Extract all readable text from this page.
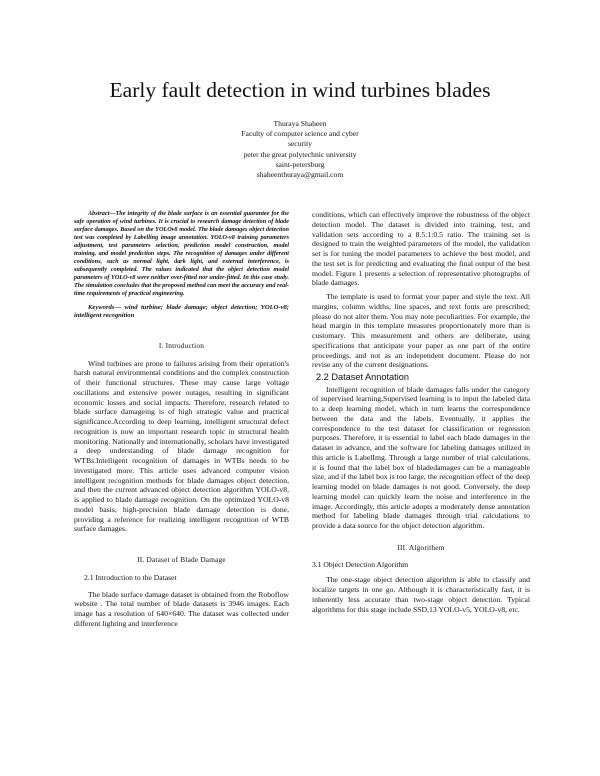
Early fault detection in wind turbines blades
Thuraya Shaheen
Faculty of computer science and cyber
security
peter the great polytechnic university
saint-petersburg
shaheenthuraya@gmail.com

Abstract—The integrity of the blade surface is an essential guarantee for the safe operation of wind turbines. It is crucial to research damage detection of blade surface damages. Based on the YOLOv8 model. The blade damages object detection test was completed by Labelling image annotation. YOLO-v8 training parameters adjustment, test parameters selection, prediction model construction, model training, and model prediction steps. The recognition of damages under different conditions, such as normal light, dark light, and external interference, is subsequently completed. The values indicated that the object detection model parameters of YOLO-v8 were neither over-fitted nor under-fitted. In this case study. The simulation concludes that the proposed method can meet the accuracy and real-time requirements of practical engineering.

Keywords— wind turbine; blade damage; object detection; YOLO-v8; intelligent recognition

I. Introduction

Wind turbines are prone to failures arising from their operation's harsh natural environmental conditions and the complex construction of their functional structures. These may cause large voltage oscillations and extensive power outages, resulting in significant economic losses and social impacts. Therefore, research related to blade surface damageing is of high strategic value and practical significance.According to deep learning, intelligent structural defect recognition is now an important research topic in structural health monitoring. Nationally and internationally, scholars have investigated a deep understanding of blade damage recognition for WTBs.Intelligent recognition of damages in WTBs needs to be investigated more. This article uses advanced computer vision intelligent recognition methods for blade damages object detection, and then the current advanced object detection algorithm YOLO-v8, is applied to blade damage recognition. On the optimized YOLO-v8 model basis, high-precision blade damage detection is done, providing a reference for realizing intelligent recognition of WTB surface damages.

II. Dataset of Blade Damage
2.1 Introduction to the Dataset

The blade surface damage dataset is obtained from the Roboflow website . The total number of blade datasets is 3946 images. Each image has a resolution of 640×640. The dataset was collected under different lighting and interference

conditions, which can effectively improve the robustness of the object detection model. The dataset is divided into training, test, and validation sets according to a 8.5:1:0.5 ratio. The training set is designed to train the weighted parameters of the model, the validation set is for tuning the model parameters to achieve the best model, and the test set is for predicting and evaluating the final output of the best model. Figure 1 presents a selection of representative photographs of blade damages.

The template is used to format your paper and style the text. All margins, column widths, line spaces, and text fonts are prescribed; please do not alter them. You may note peculiarities. For example, the head margin in this template measures proportionately more than is customary. This measurement and others are deliberate, using specifications that anticipate your paper as one part of the entire proceedings, and not as an independent document. Please do not revise any of the current designations.

2.2 Dataset Annotation

Intelligent recognition of blade damages falls under the category of supervised learning.Supervised learning is to input the labeled data to a deep learning model, which in turn learns the correspondence between the data and the labels. Eventually, it applies the correspondence to the test dataset for classification or regression purposes. Therefore, it is essential to label each blade damages in the dataset in advance, and the software for labeling damages utilized in this article is LabelImg. Through a large number of trial calculations, it is found that the label box of bladedamages can be a manageable size, and if the label box is too large, the recognition effect of the deep learning model on blade damages is not good. Conversely, the deep learning model can quickly learn the noise and interference in the image. Accordingly, this article adopts a moderately dense annotation method for labeling blade damages through trial calculations to provide a data source for the object detection algorithm.

III. Algorithem
3.1 Object Detection Algorithm

The one-stage object detection algorithm is able to classify and localize targets in one go. Although it is characteristically fast, it is inherently less accurate than two-stage object detection. Typical algorithms for this stage include SSD,13 YOLO-v5, YOLO-v8, etc.
